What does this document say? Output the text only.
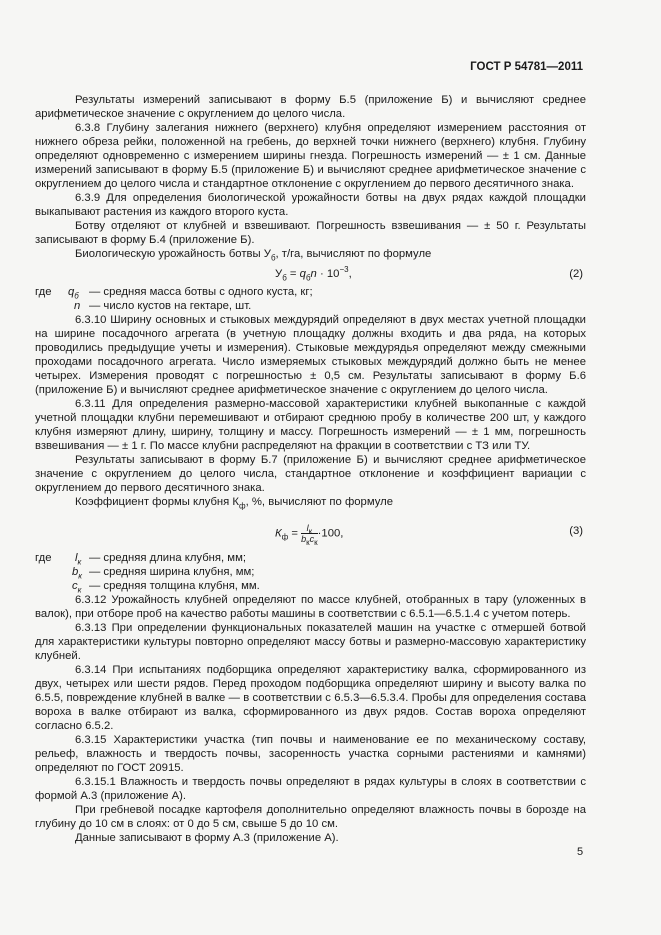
ГОСТ Р 54781—2011

Результаты измерений записывают в форму Б.5 (приложение Б) и вычисляют среднее арифметическое значение с округлением до целого числа.

6.3.8 Глубину залегания нижнего (верхнего) клубня определяют измерением расстояния от нижнего обреза рейки, положенной на гребень, до верхней точки нижнего (верхнего) клубня. Глубину определяют одновременно с измерением ширины гнезда. Погрешность измерений — ± 1 см. Данные измерений записывают в форму Б.5 (приложение Б) и вычисляют среднее арифметическое значение с округлением до целого числа и стандартное отклонение с округлением до первого десятичного знака.

6.3.9 Для определения биологической урожайности ботвы на двух рядах каждой площадки выкапывают растения из каждого второго куста.

Ботву отделяют от клубней и взвешивают. Погрешность взвешивания — ± 50 г. Результаты записывают в форму Б.4 (приложение Б).

Биологическую урожайность ботвы $У_б$, т/га, вычисляют по формуле

$У_б = q_бn \cdot 10^{-3}$,	(2)
где $q_б$ — средняя масса ботвы с одного куста, кг;
n — число кустов на гектаре, шт.

6.3.10 Ширину основных и стыковых междурядий определяют в двух местах учетной площадки на ширине посадочного агрегата (в учетную площадку должны входить и два ряда, на которых проводились предыдущие учеты и измерения). Стыковые междурядья определяют между смежными проходами посадочного агрегата. Число измеряемых стыковых междурядий должно быть не менее четырех. Измерения проводят с погрешностью ± 0,5 см. Результаты записывают в форму Б.6 (приложение Б) и вычисляют среднее арифметическое значение с округлением до целого числа.

6.3.11 Для определения размерно-массовой характеристики клубней выкопанные с каждой учетной площадки клубни перемешивают и отбирают среднюю пробу в количестве 200 шт, у каждого клубня измеряют длину, ширину, толщину и массу. Погрешность измерений — ± 1 мм, погрешность взвешивания — ± 1 г. По массе клубни распределяют на фракции в соответствии с ТЗ или ТУ.

Результаты записывают в форму Б.7 (приложение Б) и вычисляют среднее арифметическое значение с округлением до целого числа, стандартное отклонение и коэффициент вариации с округлением до первого десятичного знака.

Коэффициент формы клубня $К_ф$, %, вычисляют по формуле

$К_ф = \frac{l_к}{b_кc_к} \cdot 100$,	(3)
где $l_к$ — средняя длина клубня, мм;
$b_к$ — средняя ширина клубня, мм;
$c_к$ — средняя толщина клубня, мм.

6.3.12 Урожайность клубней определяют по массе клубней, отобранных в тару (уложенных в валок), при отборе проб на качество работы машины в соответствии с 6.5.1—6.5.1.4 с учетом потерь.

6.3.13 При определении функциональных показателей машин на участке с отмершей ботвой для характеристики культуры повторно определяют массу ботвы и размерно-массовую характеристику клубней.

6.3.14 При испытаниях подборщика определяют характеристику валка, сформированного из двух, четырех или шести рядов. Перед проходом подборщика определяют ширину и высоту валка по 6.5.5, повреждение клубней в валке — в соответствии с 6.5.3—6.5.3.4. Пробы для определения состава вороха в валке отбирают из валка, сформированного из двух рядов. Состав вороха определяют согласно 6.5.2.

6.3.15 Характеристики участка (тип почвы и наименование ее по механическому составу, рельеф, влажность и твердость почвы, засоренность участка сорными растениями и камнями) определяют по ГОСТ 20915.

6.3.15.1 Влажность и твердость почвы определяют в рядах культуры в слоях в соответствии с формой А.3 (приложение А).

При гребневой посадке картофеля дополнительно определяют влажность почвы в борозде на глубину до 10 см в слоях: от 0 до 5 см, свыше 5 до 10 см.

Данные записывают в форму А.3 (приложение А).

5
